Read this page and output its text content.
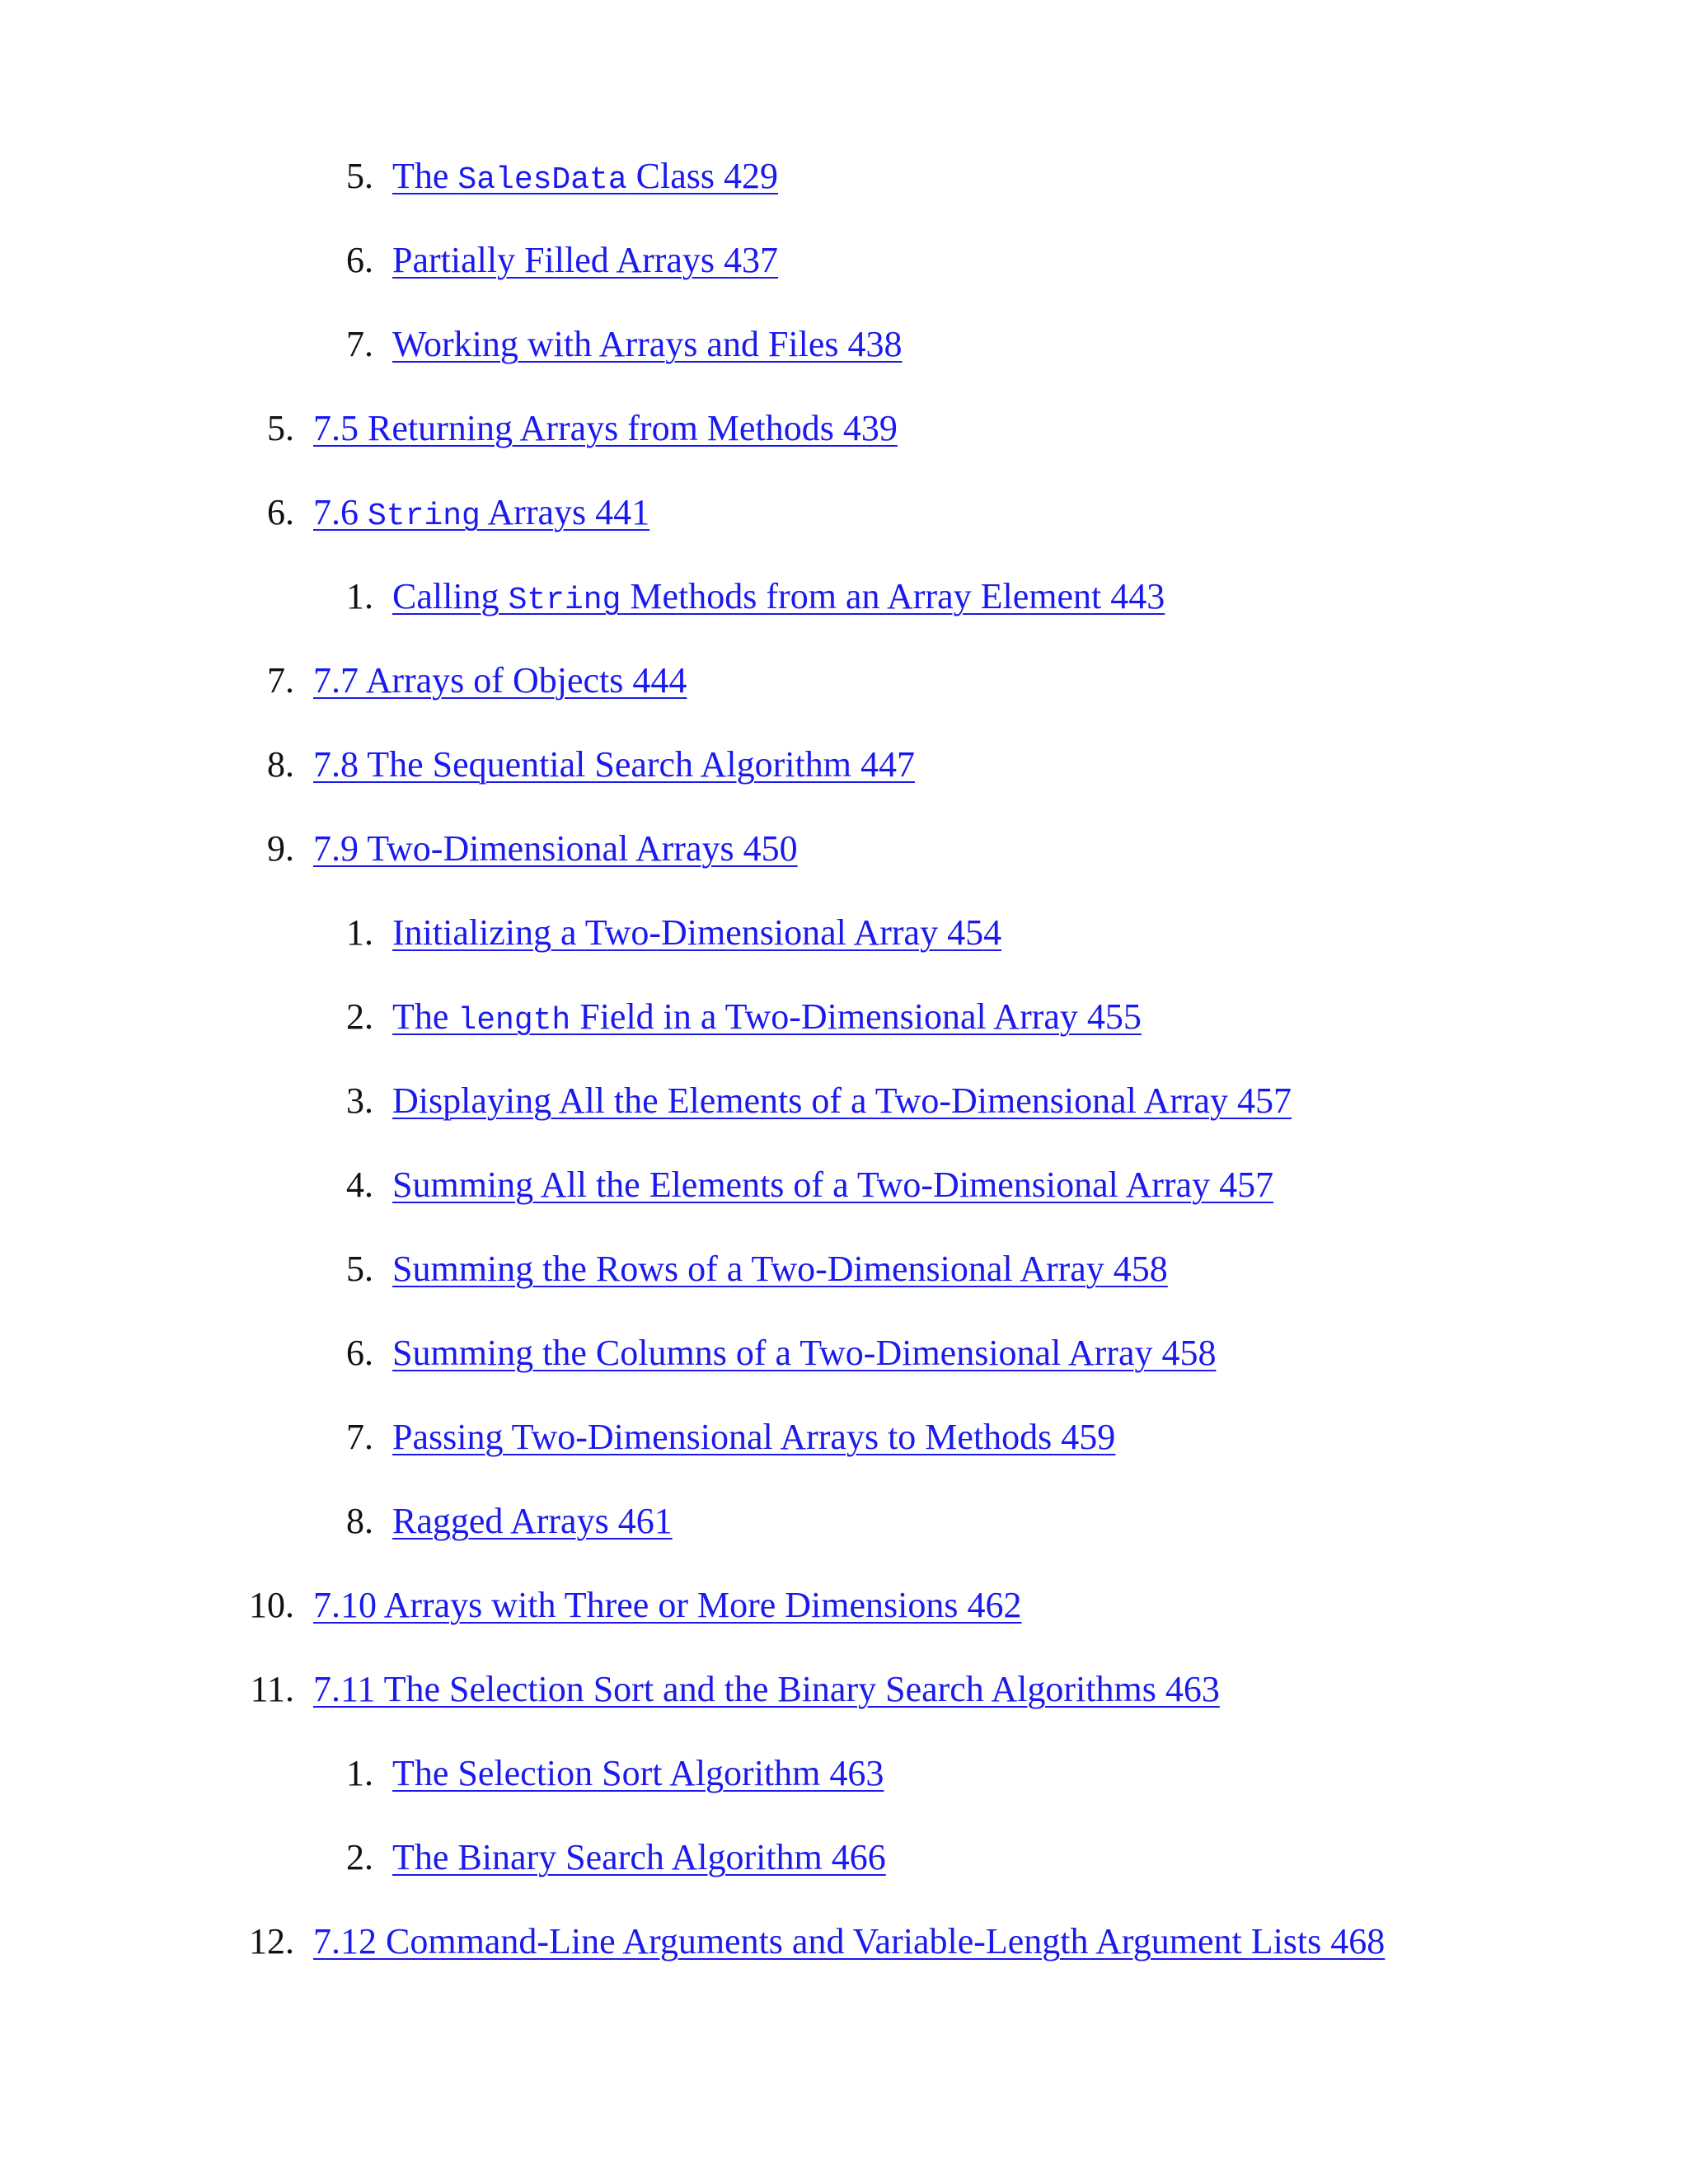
5. The SalesData Class 429
6. Partially Filled Arrays 437
7. Working with Arrays and Files 438
5. 7.5 Returning Arrays from Methods 439
6. 7.6 String Arrays 441
1. Calling String Methods from an Array Element 443
7. 7.7 Arrays of Objects 444
8. 7.8 The Sequential Search Algorithm 447
9. 7.9 Two-Dimensional Arrays 450
1. Initializing a Two-Dimensional Array 454
2. The length Field in a Two-Dimensional Array 455
3. Displaying All the Elements of a Two-Dimensional Array 457
4. Summing All the Elements of a Two-Dimensional Array 457
5. Summing the Rows of a Two-Dimensional Array 458
6. Summing the Columns of a Two-Dimensional Array 458
7. Passing Two-Dimensional Arrays to Methods 459
8. Ragged Arrays 461
10. 7.10 Arrays with Three or More Dimensions 462
11. 7.11 The Selection Sort and the Binary Search Algorithms 463
1. The Selection Sort Algorithm 463
2. The Binary Search Algorithm 466
12. 7.12 Command-Line Arguments and Variable-Length Argument Lists 468
